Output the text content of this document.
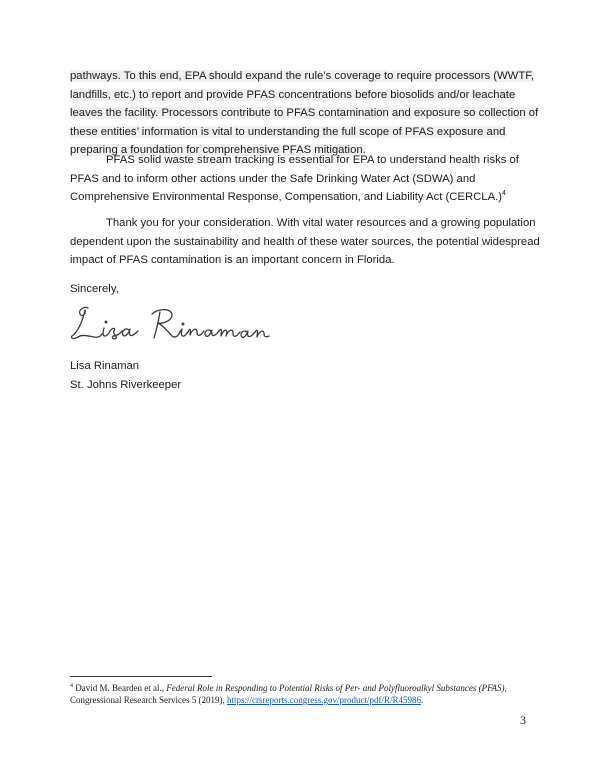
pathways. To this end, EPA should expand the rule’s coverage to require processors (WWTF, landfills, etc.) to report and provide PFAS concentrations before biosolids and/or leachate leaves the facility. Processors contribute to PFAS contamination and exposure so collection of these entities’ information is vital to understanding the full scope of PFAS exposure and preparing a foundation for comprehensive PFAS mitigation.
PFAS solid waste stream tracking is essential for EPA to understand health risks of PFAS and to inform other actions under the Safe Drinking Water Act (SDWA) and Comprehensive Environmental Response, Compensation, and Liability Act (CERCLA.)$^4$
Thank you for your consideration. With vital water resources and a growing population dependent upon the sustainability and health of these water sources, the potential widespread impact of PFAS contamination is an important concern in Florida.
Sincerely,
Lisa Rinaman
St. Johns Riverkeeper
$^4$ David M. Bearden et al., Federal Role in Responding to Potential Risks of Per- and Polyfluoroalkyl Substances (PFAS), Congressional Research Services 5 (2019), https://crsreports.congress.gov/product/pdf/R/R45986.
3
